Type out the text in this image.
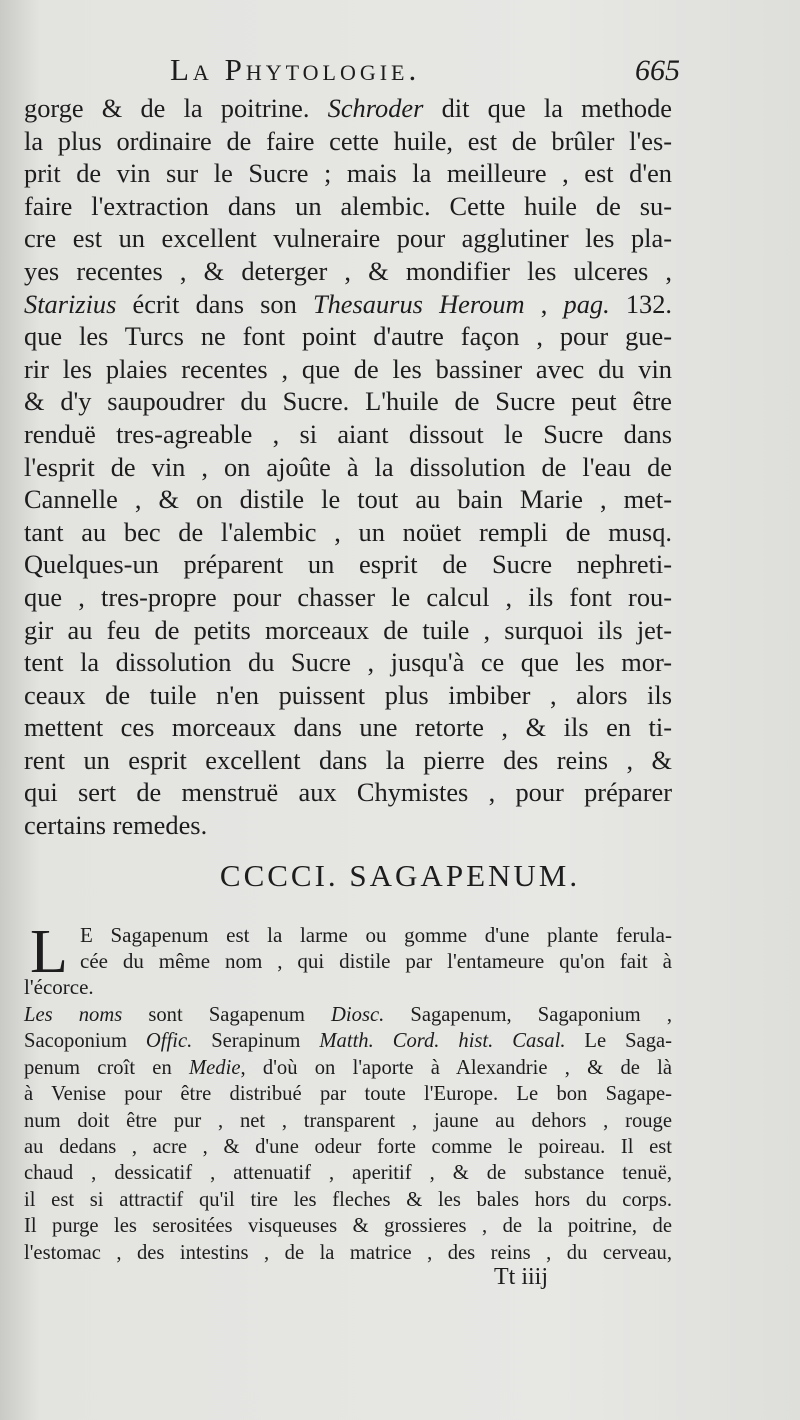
La Phytologie.	665
gorge & de la poitrine. Schroder dit que la methode
la plus ordinaire de faire cette huile, est de brûler l'es-
prit de vin sur le Sucre ; mais la meilleure , est d'en
faire l'extraction dans un alembic. Cette huile de su-
cre est un excellent vulneraire pour agglutiner les pla-
yes recentes , & deterger , & mondifier les ulceres ,
Starizius écrit dans son Thesaurus Heroum , pag. 132.
que les Turcs ne font point d'autre façon , pour gue-
rir les plaies recentes , que de les bassiner avec du vin
& d'y saupoudrer du Sucre. L'huile de Sucre peut être
renduë tres-agreable , si aiant dissout le Sucre dans
l'esprit de vin , on ajoûte à la dissolution de l'eau de
Cannelle , & on distile le tout au bain Marie , met-
tant au bec de l'alembic , un noüet rempli de musq.
Quelques-un préparent un esprit de Sucre nephreti-
que , tres-propre pour chasser le calcul , ils font rou-
gir au feu de petits morceaux de tuile , surquoi ils jet-
tent la dissolution du Sucre , jusqu'à ce que les mor-
ceaux de tuile n'en puissent plus imbiber , alors ils
mettent ces morceaux dans une retorte , & ils en ti-
rent un esprit excellent dans la pierre des reins , &
qui sert de menstruë aux Chymistes , pour préparer
certains remedes.
CCCCI. SAGAPENUM.
L E Sagapenum est la larme ou gomme d'une plante ferula-
cée du même nom , qui distile par l'entameure qu'on fait à
l'écorce.
Les noms sont Sagapenum Diosc. Sagapenum, Sagaponium ,
Sacoponium Offic. Serapinum Matth. Cord. hist. Casal. Le Saga-
penum croît en Medie, d'où on l'aporte à Alexandrie , & de là
à Venise pour être distribué par toute l'Europe. Le bon Sagape-
num doit être pur , net , transparent , jaune au dehors , rouge
au dedans , acre , & d'une odeur forte comme le poireau. Il est
chaud , dessicatif , attenuatif , aperitif , & de substance tenuë,
il est si attractif qu'il tire les fleches & les bales hors du corps.
Il purge les serositées visqueuses & grossieres , de la poitrine, de
l'estomac , des intestins , de la matrice , des reins , du cerveau,
Tt iiij
